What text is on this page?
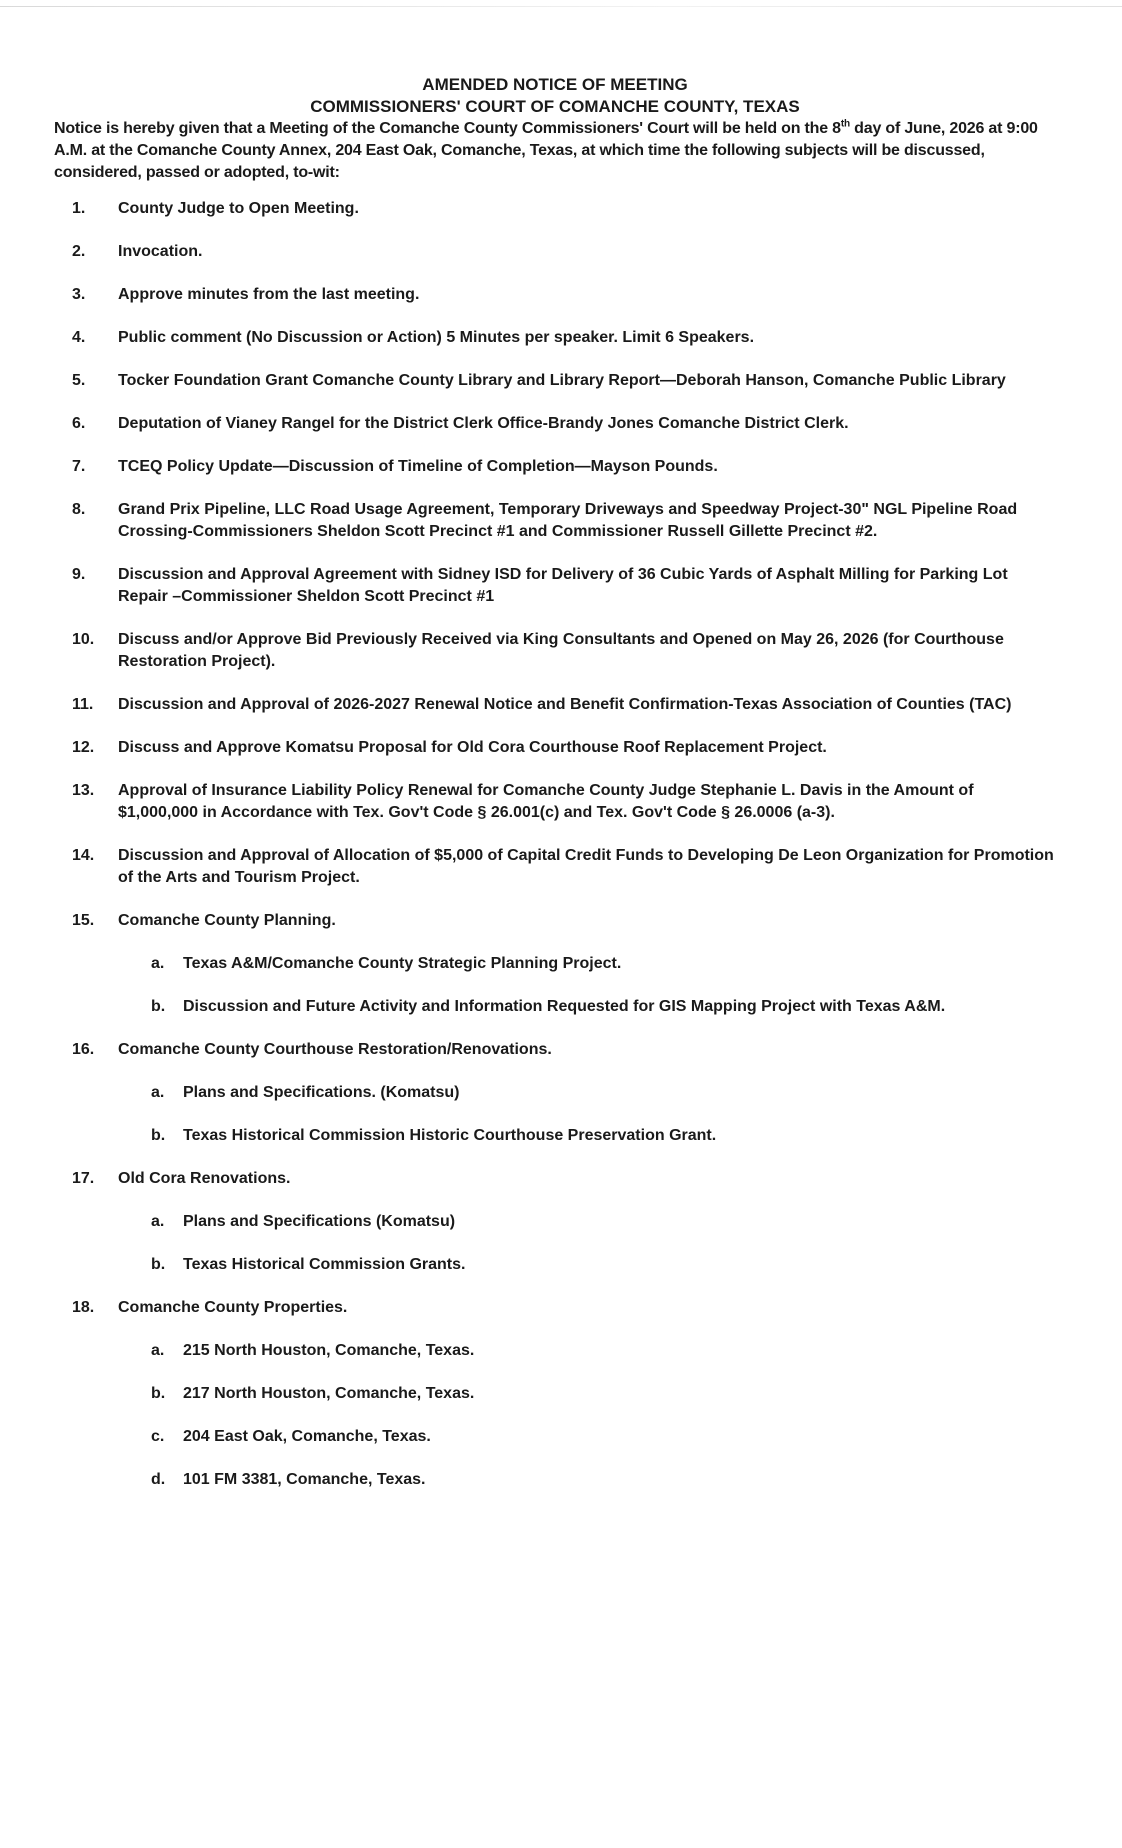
AMENDED NOTICE OF MEETING
COMMISSIONERS' COURT OF COMANCHE COUNTY, TEXAS
Notice is hereby given that a Meeting of the Comanche County Commissioners' Court will be held on the 8th day of June, 2026 at 9:00 A.M. at the Comanche County Annex, 204 East Oak, Comanche, Texas, at which time the following subjects will be discussed, considered, passed or adopted, to-wit:
1.	County Judge to Open Meeting.
2.	Invocation.
3.	Approve minutes from the last meeting.
4.	Public comment (No Discussion or Action) 5 Minutes per speaker. Limit 6 Speakers.
5.	Tocker Foundation Grant Comanche County Library and Library Report—Deborah Hanson, Comanche Public Library
6.	Deputation of Vianey Rangel for the District Clerk Office-Brandy Jones Comanche District Clerk.
7.	TCEQ Policy Update—Discussion of Timeline of Completion—Mayson Pounds.
8.	Grand Prix Pipeline, LLC Road Usage Agreement, Temporary Driveways and Speedway Project-30" NGL Pipeline Road Crossing-Commissioners Sheldon Scott Precinct #1 and Commissioner Russell Gillette Precinct #2.
9.	Discussion and Approval Agreement with Sidney ISD for Delivery of 36 Cubic Yards of Asphalt Milling for Parking Lot Repair –Commissioner Sheldon Scott Precinct #1
10.	Discuss and/or Approve Bid Previously Received via King Consultants and Opened on May 26, 2026 (for Courthouse Restoration Project).
11.	Discussion and Approval of 2026-2027 Renewal Notice and Benefit Confirmation-Texas Association of Counties (TAC)
12.	Discuss and Approve Komatsu Proposal for Old Cora Courthouse Roof Replacement Project.
13.	Approval of Insurance Liability Policy Renewal for Comanche County Judge Stephanie L. Davis in the Amount of $1,000,000 in Accordance with Tex. Gov't Code § 26.001(c) and Tex. Gov't Code § 26.0006 (a-3).
14.	Discussion and Approval of Allocation of $5,000 of Capital Credit Funds to Developing De Leon Organization for Promotion of the Arts and Tourism Project.
15.	Comanche County Planning.
a. Texas A&M/Comanche County Strategic Planning Project.
b. Discussion and Future Activity and Information Requested for GIS Mapping Project with Texas A&M.
16.	Comanche County Courthouse Restoration/Renovations.
a. Plans and Specifications. (Komatsu)
b. Texas Historical Commission Historic Courthouse Preservation Grant.
17.	Old Cora Renovations.
a. Plans and Specifications (Komatsu)
b. Texas Historical Commission Grants.
18.	Comanche County Properties.
a. 215 North Houston, Comanche, Texas.
b. 217 North Houston, Comanche, Texas.
c. 204 East Oak, Comanche, Texas.
d. 101 FM 3381, Comanche, Texas.
